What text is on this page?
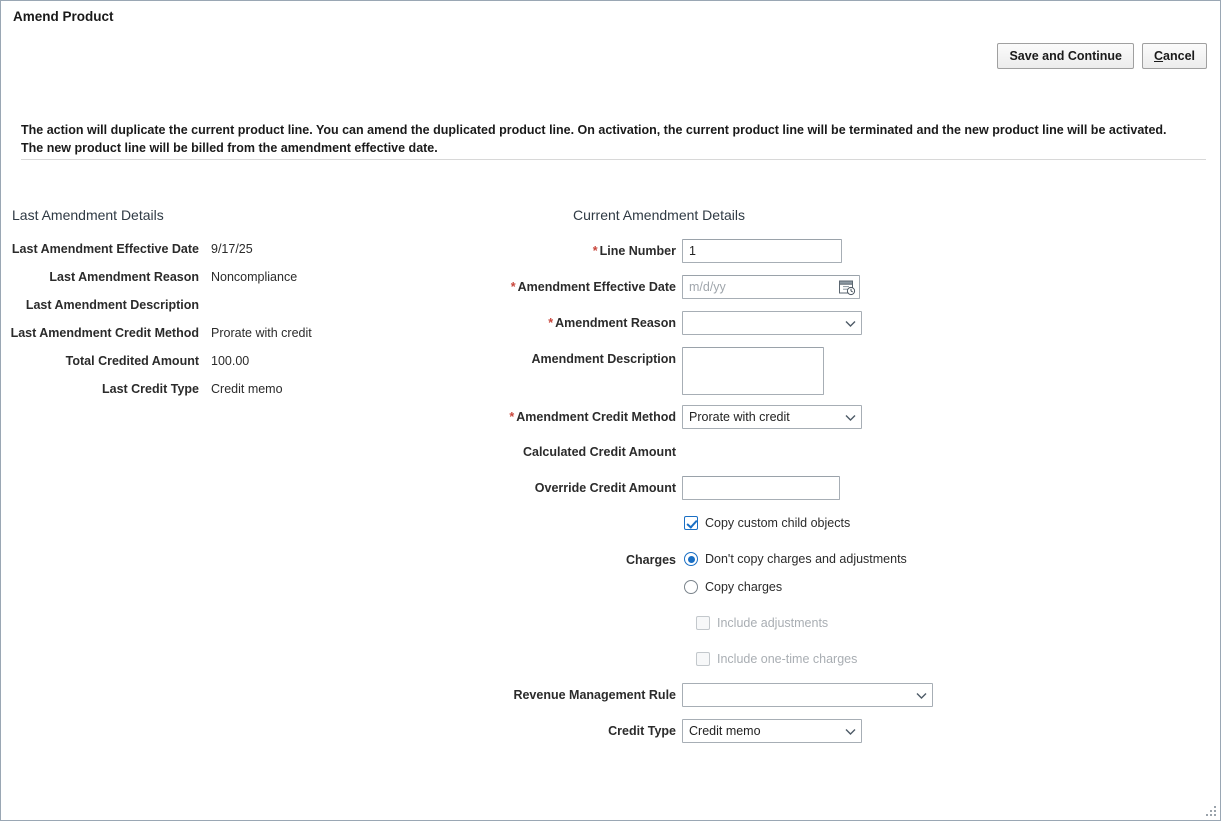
Amend Product
Save and Continue	Cancel
The action will duplicate the current product line. You can amend the duplicated product line. On activation, the current product line will be terminated and the new product line will be activated. The new product line will be billed from the amendment effective date.
Last Amendment Details
Last Amendment Effective Date 9/17/25
Last Amendment Reason Noncompliance
Last Amendment Description
Last Amendment Credit Method Prorate with credit
Total Credited Amount 100.00
Last Credit Type Credit memo
Current Amendment Details
* Line Number
1
* Amendment Effective Date
m/d/yy
* Amendment Reason
Amendment Description
* Amendment Credit Method
Prorate with credit
Calculated Credit Amount
Override Credit Amount
Copy custom child objects
Charges Don't copy charges and adjustments
Copy charges
Include adjustments
Include one-time charges
Revenue Management Rule
Credit Type
Credit memo
